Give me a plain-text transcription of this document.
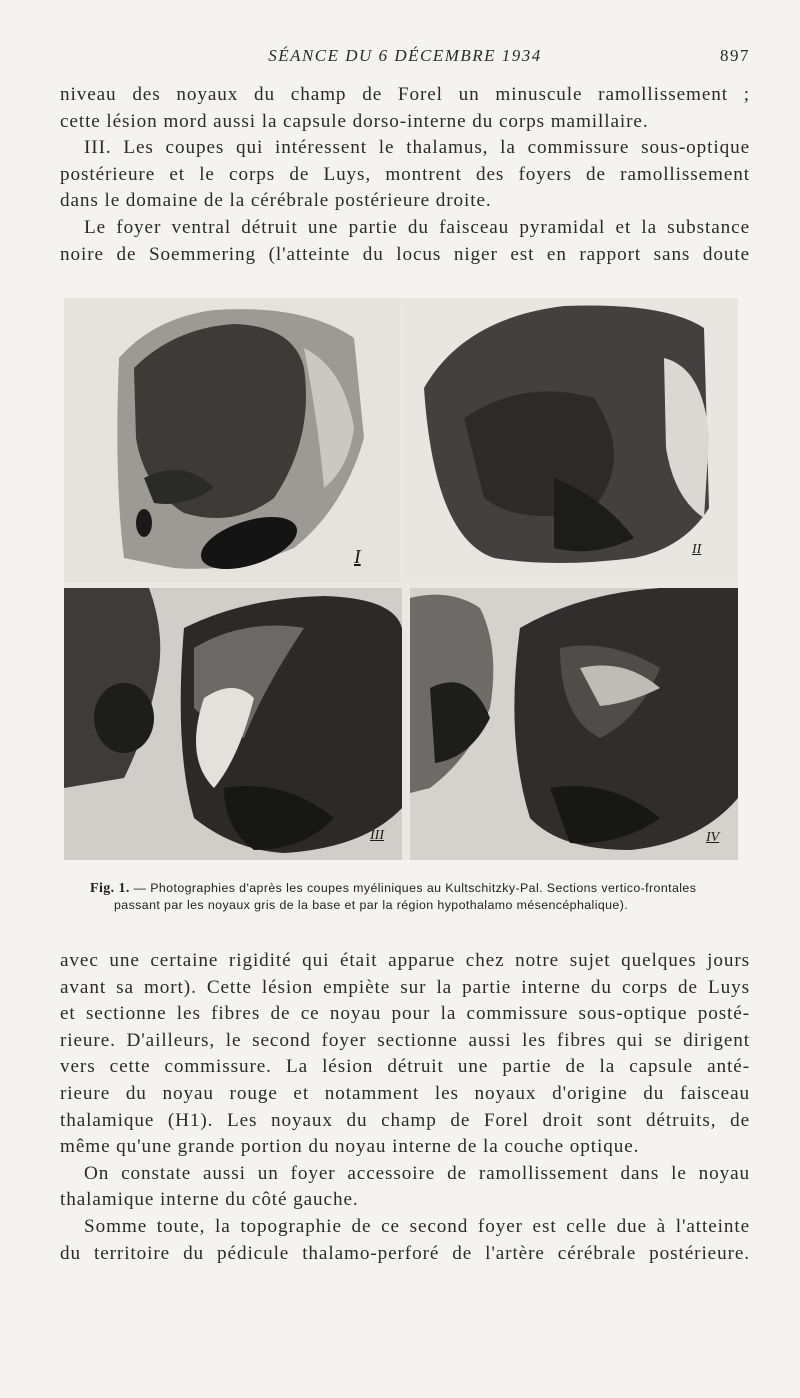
SÉANCE DU 6 DÉCEMBRE 1934	897

niveau des noyaux du champ de Forel un minuscule ramollissement ;

cette lésion mord aussi la capsule dorso-interne du corps mamillaire.

III. Les coupes qui intéressent le thalamus, la commissure sous-optique

postérieure et le corps de Luys, montrent des foyers de ramollissement

dans le domaine de la cérébrale postérieure droite.

Le foyer ventral détruit une partie du faisceau pyramidal et la substance

noire de Soemmering (l'atteinte du locus niger est en rapport sans doute

I	II
III	IV
Fig. 1. — Photographies d'après les coupes myéliniques au Kultschitzky-Pal. Sections vertico-frontales
passant par les noyaux gris de la base et par la région hypothalamo mésencéphalique).

avec une certaine rigidité qui était apparue chez notre sujet quelques jours

avant sa mort). Cette lésion empiète sur la partie interne du corps de Luys

et sectionne les fibres de ce noyau pour la commissure sous-optique posté-

rieure. D'ailleurs, le second foyer sectionne aussi les fibres qui se dirigent

vers cette commissure. La lésion détruit une partie de la capsule anté-

rieure du noyau rouge et notamment les noyaux d'origine du faisceau

thalamique (H1). Les noyaux du champ de Forel droit sont détruits, de

même qu'une grande portion du noyau interne de la couche optique.

On constate aussi un foyer accessoire de ramollissement dans le noyau

thalamique interne du côté gauche.

Somme toute, la topographie de ce second foyer est celle due à l'atteinte

du territoire du pédicule thalamo-perforé de l'artère cérébrale postérieure.
